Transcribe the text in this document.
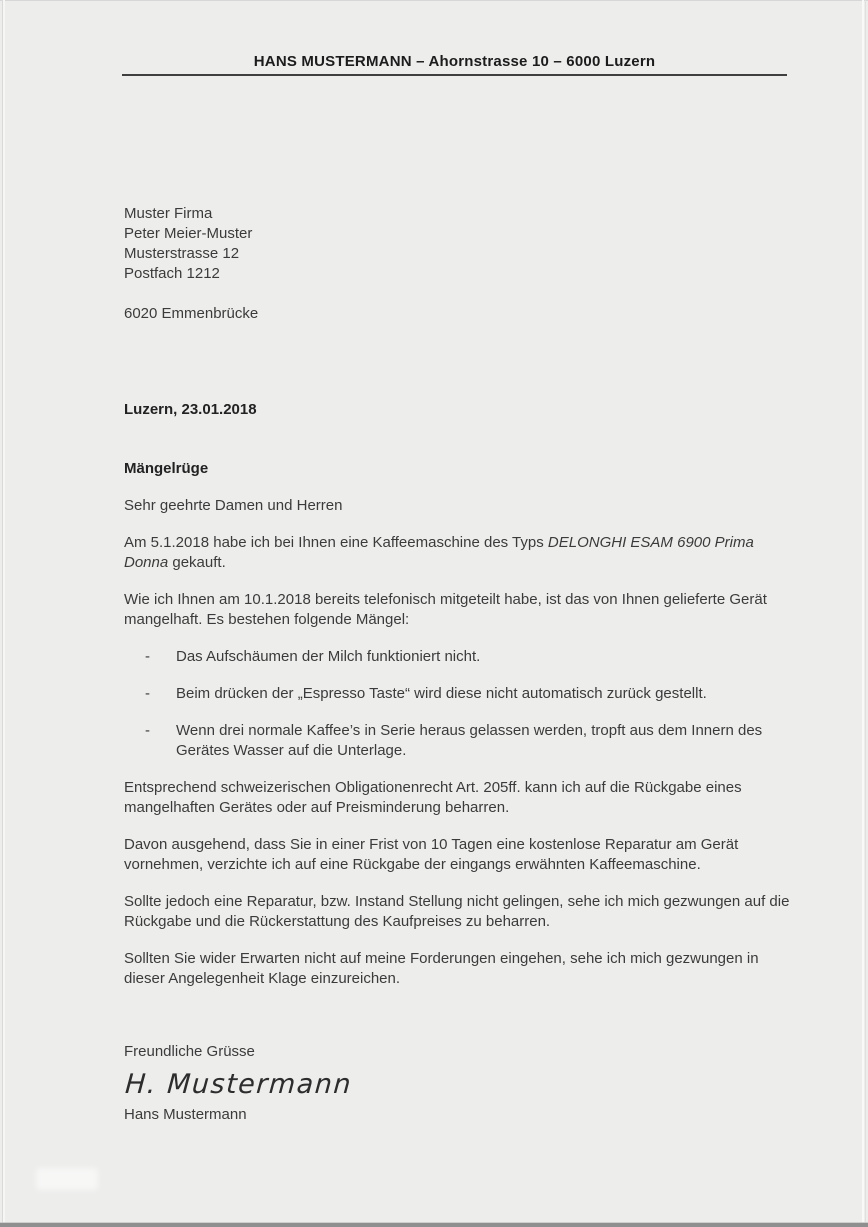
HANS MUSTERMANN – Ahornstrasse 10 – 6000 Luzern

Muster Firma

Peter Meier-Muster

Musterstrasse 12

Postfach 1212

6020 Emmenbrücke

Luzern, 23.01.2018
Mängelrüge
Sehr geehrte Damen und Herren

Am 5.1.2018 habe ich bei Ihnen eine Kaffeemaschine des Typs DELONGHI ESAM 6900 Prima Donna gekauft.

Wie ich Ihnen am 10.1.2018 bereits telefonisch mitgeteilt habe, ist das von Ihnen gelieferte Gerät mangelhaft. Es bestehen folgende Mängel:

-	Das Aufschäumen der Milch funktioniert nicht.
-	Beim drücken der „Espresso Taste“ wird diese nicht automatisch zurück gestellt.
-	Wenn drei normale Kaffee’s in Serie heraus gelassen werden, tropft aus dem Innern des Gerätes Wasser auf die Unterlage.

Entsprechend schweizerischen Obligationenrecht Art. 205ff. kann ich auf die Rückgabe eines mangelhaften Gerätes oder auf Preisminderung beharren.

Davon ausgehend, dass Sie in einer Frist von 10 Tagen eine kostenlose Reparatur am Gerät vornehmen, verzichte ich auf eine Rückgabe der eingangs erwähnten Kaffeemaschine.

Sollte jedoch eine Reparatur, bzw. Instand Stellung nicht gelingen, sehe ich mich gezwungen auf die Rückgabe und die Rückerstattung des Kaufpreises zu beharren.

Sollten Sie wider Erwarten nicht auf meine Forderungen eingehen, sehe ich mich gezwungen in dieser Angelegenheit Klage einzureichen.

Freundliche Grüsse
H. Mustermann
Hans Mustermann
